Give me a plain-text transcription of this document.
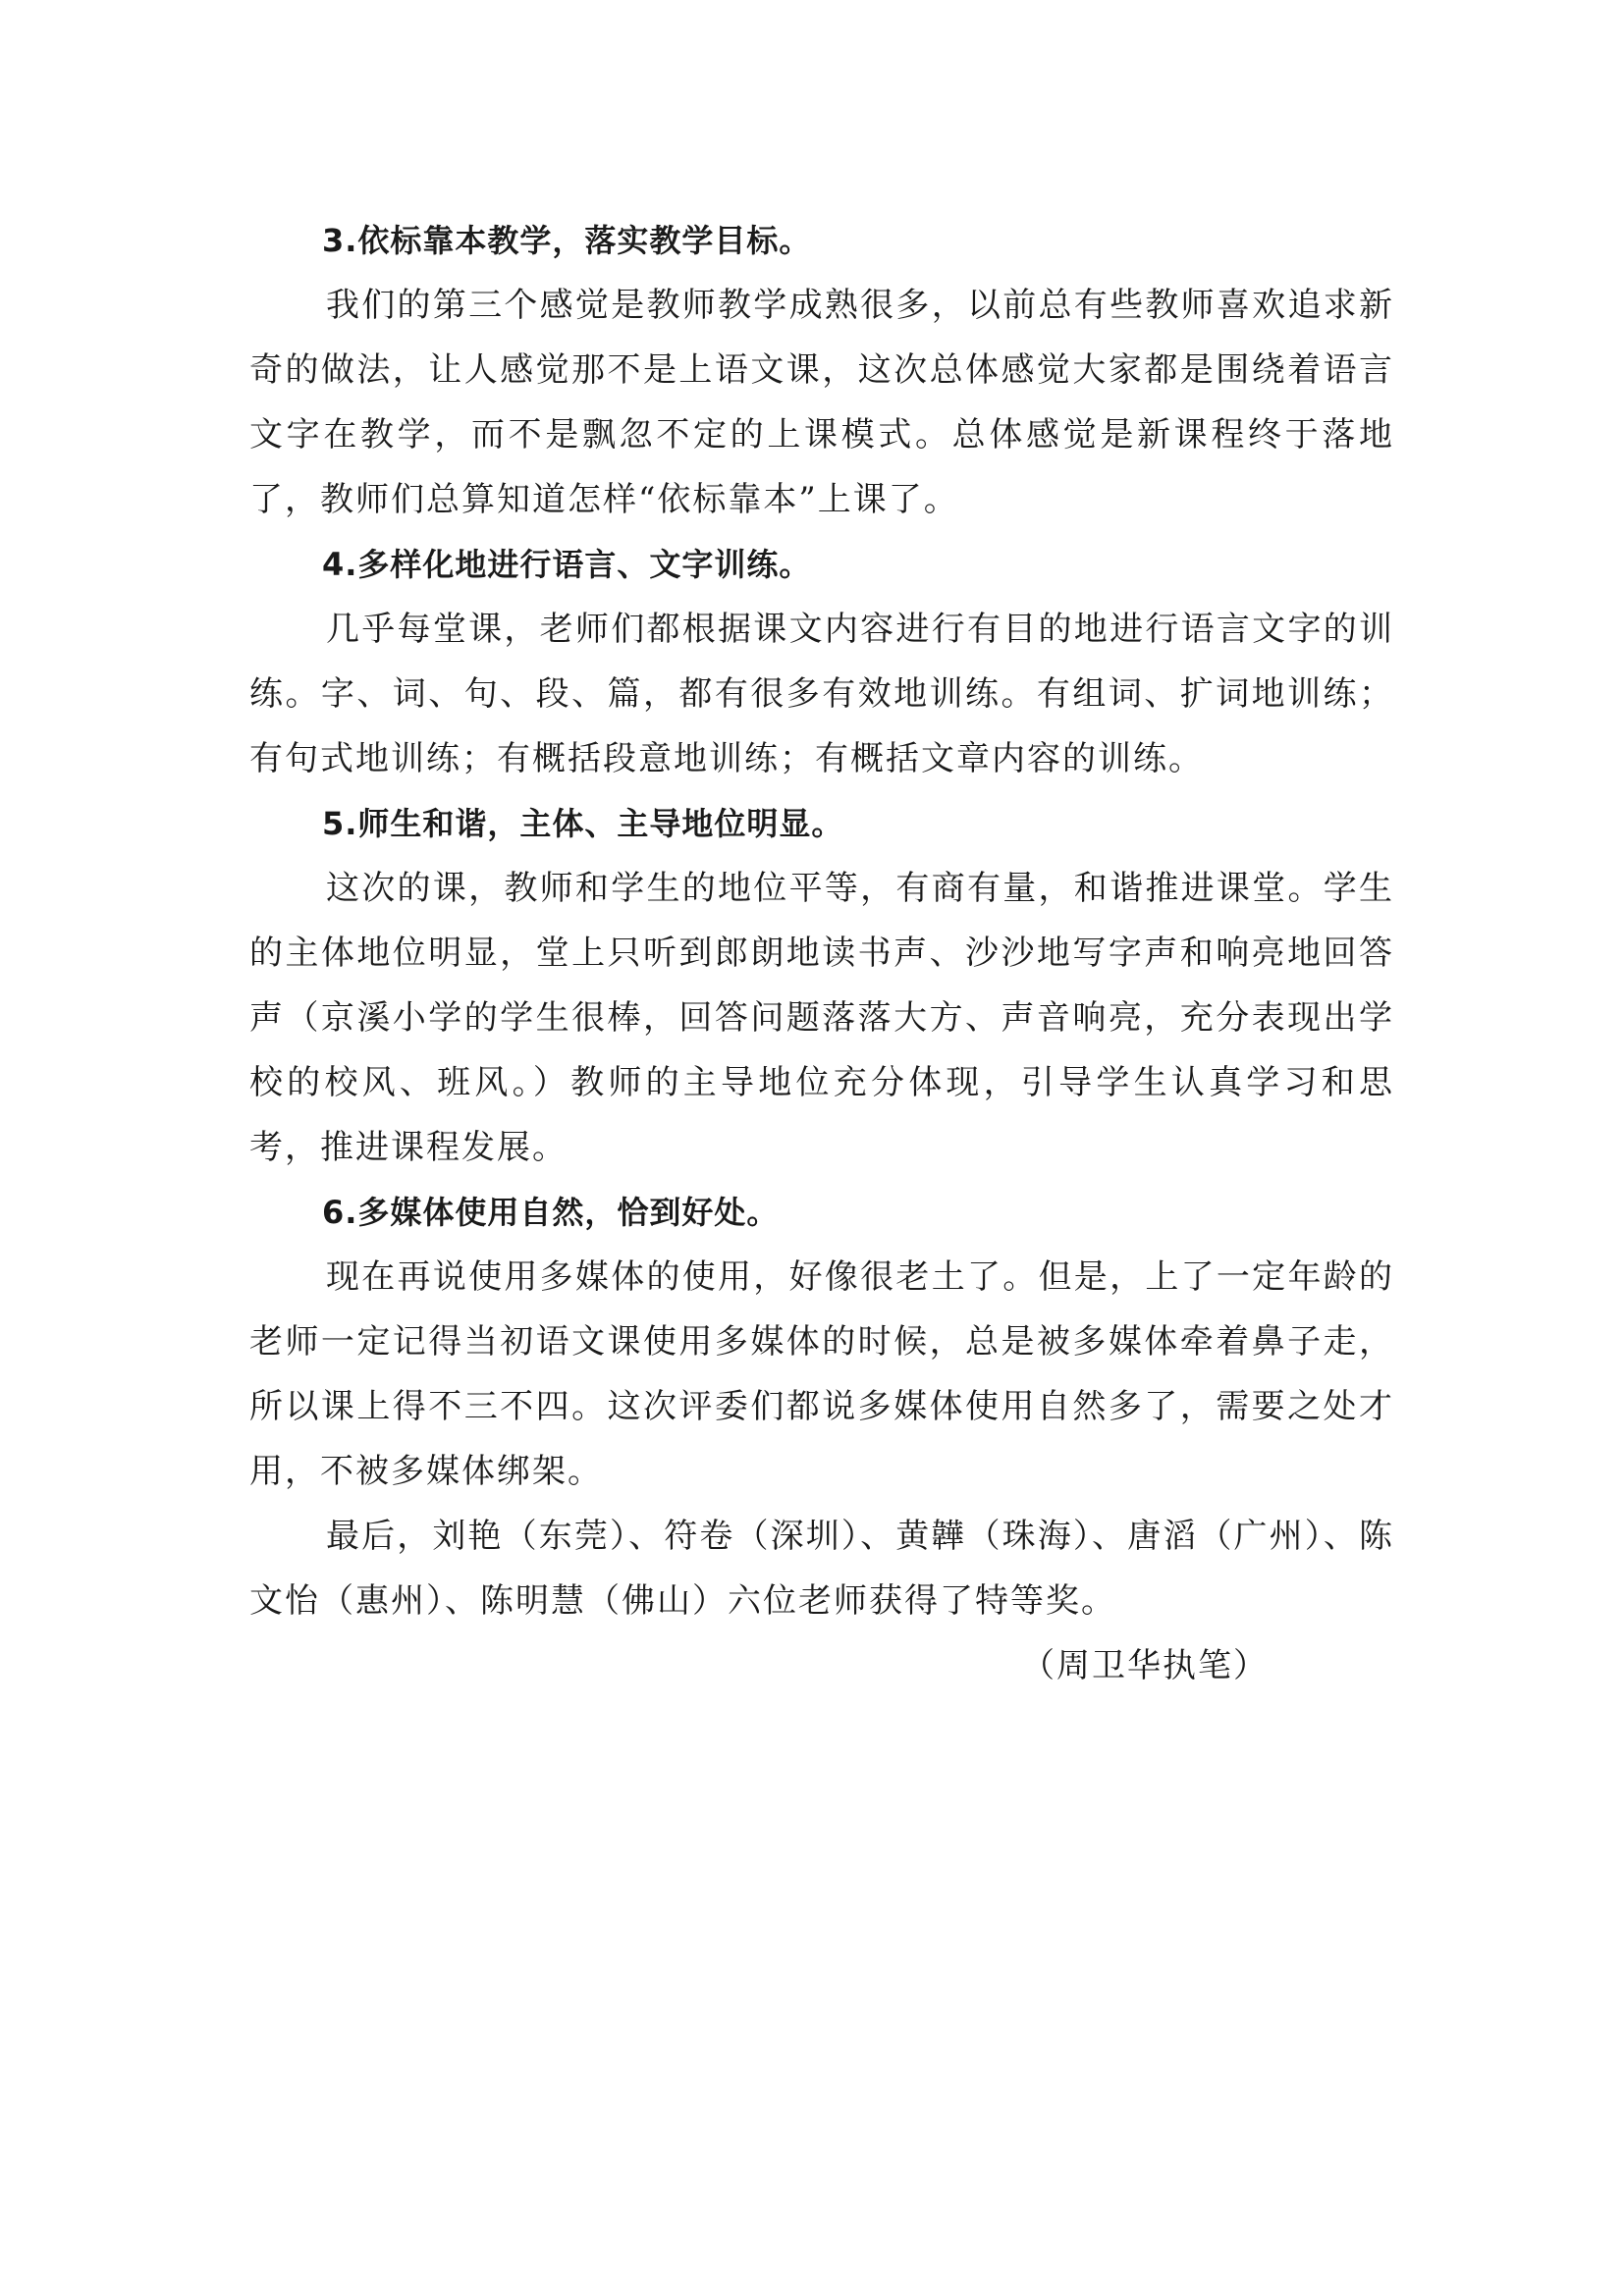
3.依标靠本教学，落实教学目标。

我们的第三个感觉是教师教学成熟很多，以前总有些教师喜欢追求新奇的做法，让人感觉那不是上语文课，这次总体感觉大家都是围绕着语言文字在教学，而不是飘忽不定的上课模式。总体感觉是新课程终于落地了，教师们总算知道怎样“依标靠本”上课了。

4.多样化地进行语言、文字训练。

几乎每堂课，老师们都根据课文内容进行有目的地进行语言文字的训练。字、词、句、段、篇，都有很多有效地训练。有组词、扩词地训练；有句式地训练；有概括段意地训练；有概括文章内容的训练。

5.师生和谐，主体、主导地位明显。

这次的课，教师和学生的地位平等，有商有量，和谐推进课堂。学生的主体地位明显，堂上只听到郎朗地读书声、沙沙地写字声和响亮地回答声（京溪小学的学生很棒，回答问题落落大方、声音响亮，充分表现出学校的校风、班风。）教师的主导地位充分体现，引导学生认真学习和思考，推进课程发展。

6.多媒体使用自然，恰到好处。

现在再说使用多媒体的使用，好像很老土了。但是，上了一定年龄的老师一定记得当初语文课使用多媒体的时候，总是被多媒体牵着鼻子走，所以课上得不三不四。这次评委们都说多媒体使用自然多了，需要之处才用，不被多媒体绑架。

最后，刘艳（东莞）、符卷（深圳）、黄韡（珠海）、唐滔（广州）、陈文怡（惠州）、陈明慧（佛山）六位老师获得了特等奖。

（周卫华执笔）
